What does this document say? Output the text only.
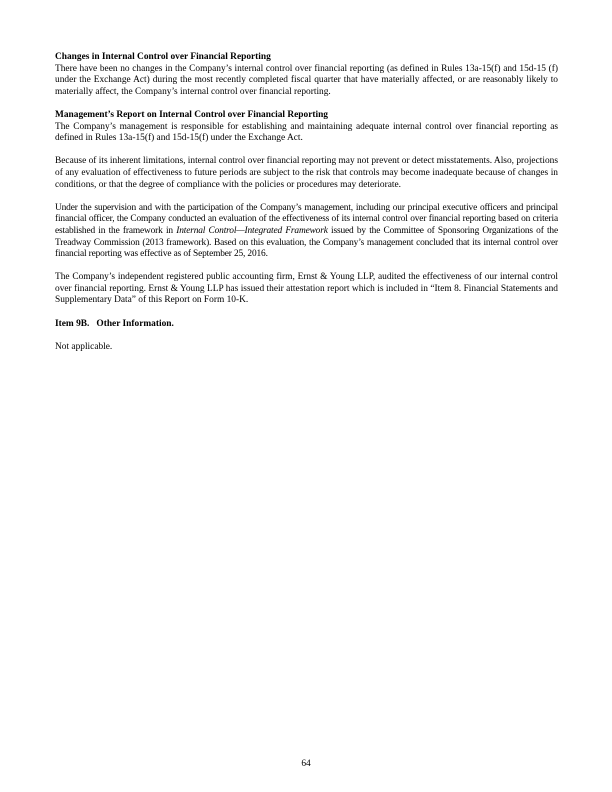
Changes in Internal Control over Financial Reporting

There have been no changes in the Company’s internal control over financial reporting (as defined in Rules 13a-15(f) and 15d-15 (f) under the Exchange Act) during the most recently completed fiscal quarter that have materially affected, or are reasonably likely to materially affect, the Company’s internal control over financial reporting.

Management’s Report on Internal Control over Financial Reporting

The Company’s management is responsible for establishing and maintaining adequate internal control over financial reporting as defined in Rules 13a-15(f) and 15d-15(f) under the Exchange Act.

Because of its inherent limitations, internal control over financial reporting may not prevent or detect misstatements. Also, projections of any evaluation of effectiveness to future periods are subject to the risk that controls may become inadequate because of changes in conditions, or that the degree of compliance with the policies or procedures may deteriorate.

Under the supervision and with the participation of the Company’s management, including our principal executive officers and principal financial officer, the Company conducted an evaluation of the effectiveness of its internal control over financial reporting based on criteria established in the framework in Internal Control—Integrated Framework issued by the Committee of Sponsoring Organizations of the Treadway Commission (2013 framework). Based on this evaluation, the Company’s management concluded that its internal control over financial reporting was effective as of September 25, 2016.

The Company’s independent registered public accounting firm, Ernst & Young LLP, audited the effectiveness of our internal control over financial reporting. Ernst & Young LLP has issued their attestation report which is included in “Item 8. Financial Statements and Supplementary Data” of this Report on Form 10-K.

Item 9B.   Other Information.

Not applicable.

64
